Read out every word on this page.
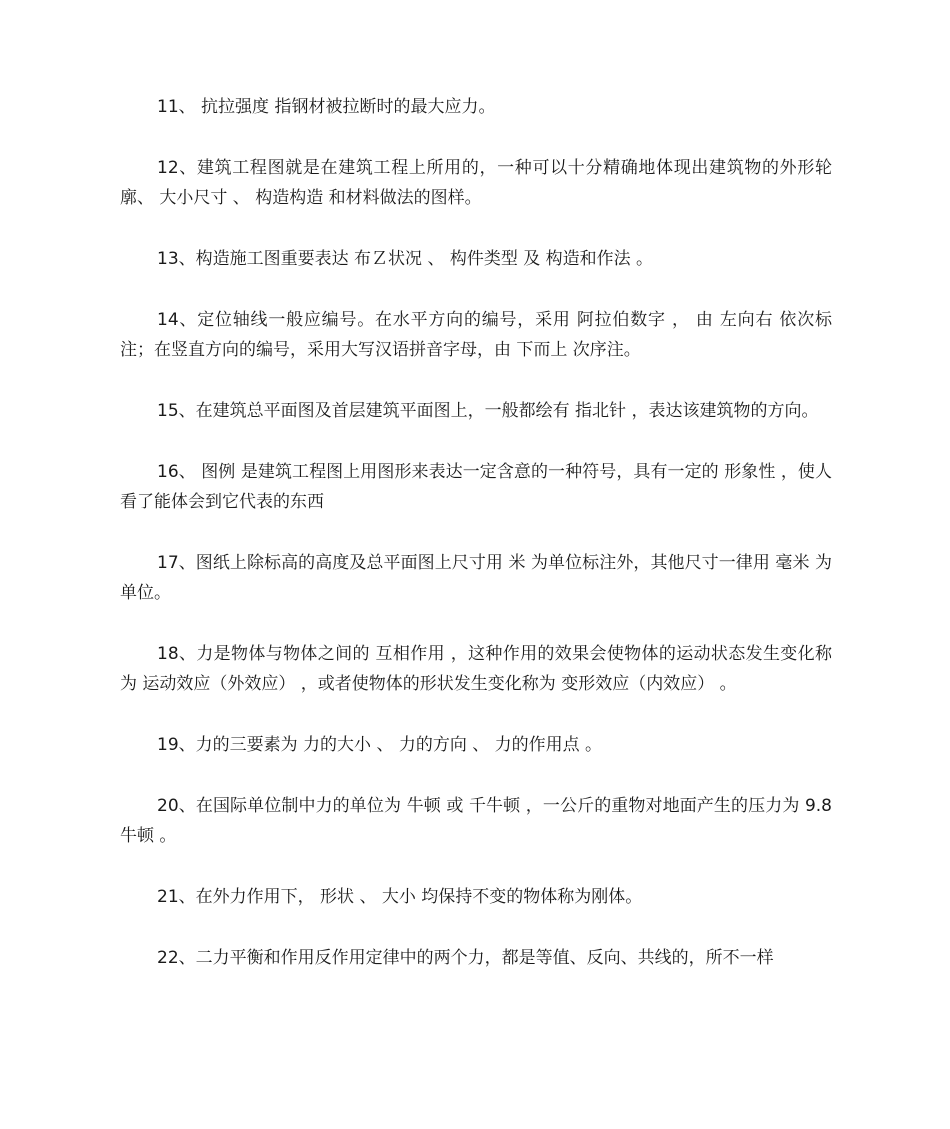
11、 抗拉强度 指钢材被拉断时的最大应力。

12、建筑工程图就是在建筑工程上所用的，一种可以十分精确地体现出建筑物的外形轮廓、 大小尺寸 、 构造构造 和材料做法的图样。

13、构造施工图重要表达 布Ｚ状况 、 构件类型 及 构造和作法 。

14、定位轴线一般应编号。在水平方向的编号，采用 阿拉伯数字 ， 由 左向右 依次标注；在竖直方向的编号，采用大写汉语拼音字母，由 下而上 次序注。

15、在建筑总平面图及首层建筑平面图上，一般都绘有 指北针 ，表达该建筑物的方向。

16、 图例 是建筑工程图上用图形来表达一定含意的一种符号，具有一定的 形象性 ，使人看了能体会到它代表的东西

17、图纸上除标高的高度及总平面图上尺寸用 米 为单位标注外，其他尺寸一律用 毫米 为单位。

18、力是物体与物体之间的 互相作用 ，这种作用的效果会使物体的运动状态发生变化称为 运动效应（外效应） ，或者使物体的形状发生变化称为 变形效应（内效应） 。

19、力的三要素为 力的大小 、 力的方向 、 力的作用点 。

20、在国际单位制中力的单位为 牛顿 或 千牛顿 ，一公斤的重物对地面产生的压力为 9.8 牛顿 。

21、在外力作用下， 形状 、 大小 均保持不变的物体称为刚体。

22、二力平衡和作用反作用定律中的两个力，都是等值、反向、共线的，所不一样
